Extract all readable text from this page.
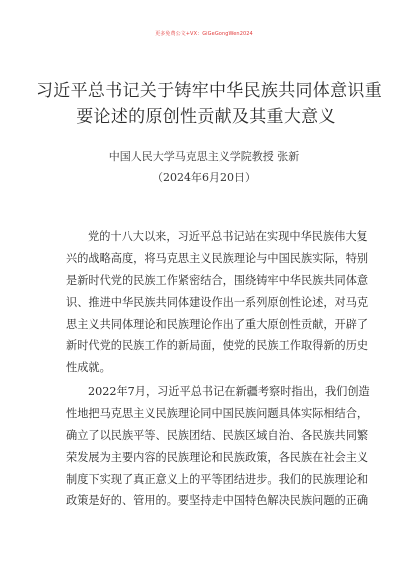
更多免费公文+VX：GiGeGongWen2024
习近平总书记关于铸牢中华民族共同体意识重
要论述的原创性贡献及其重大意义
中国人民大学马克思主义学院教授 张新
（2024年6月20日）
党的十八大以来，习近平总书记站在实现中华民族伟大复
兴的战略高度，将马克思主义民族理论与中国民族实际，特别
是新时代党的民族工作紧密结合，围绕铸牢中华民族共同体意
识、推进中华民族共同体建设作出一系列原创性论述，对马克
思主义共同体理论和民族理论作出了重大原创性贡献，开辟了
新时代党的民族工作的新局面，使党的民族工作取得新的历史
性成就。
2022年7月，习近平总书记在新疆考察时指出，我们创造
性地把马克思主义民族理论同中国民族问题具体实际相结合，
确立了以民族平等、民族团结、民族区域自治、各民族共同繁
荣发展为主要内容的民族理论和民族政策，各民族在社会主义
制度下实现了真正意义上的平等团结进步。我们的民族理论和
政策是好的、管用的。要坚持走中国特色解决民族问题的正确
